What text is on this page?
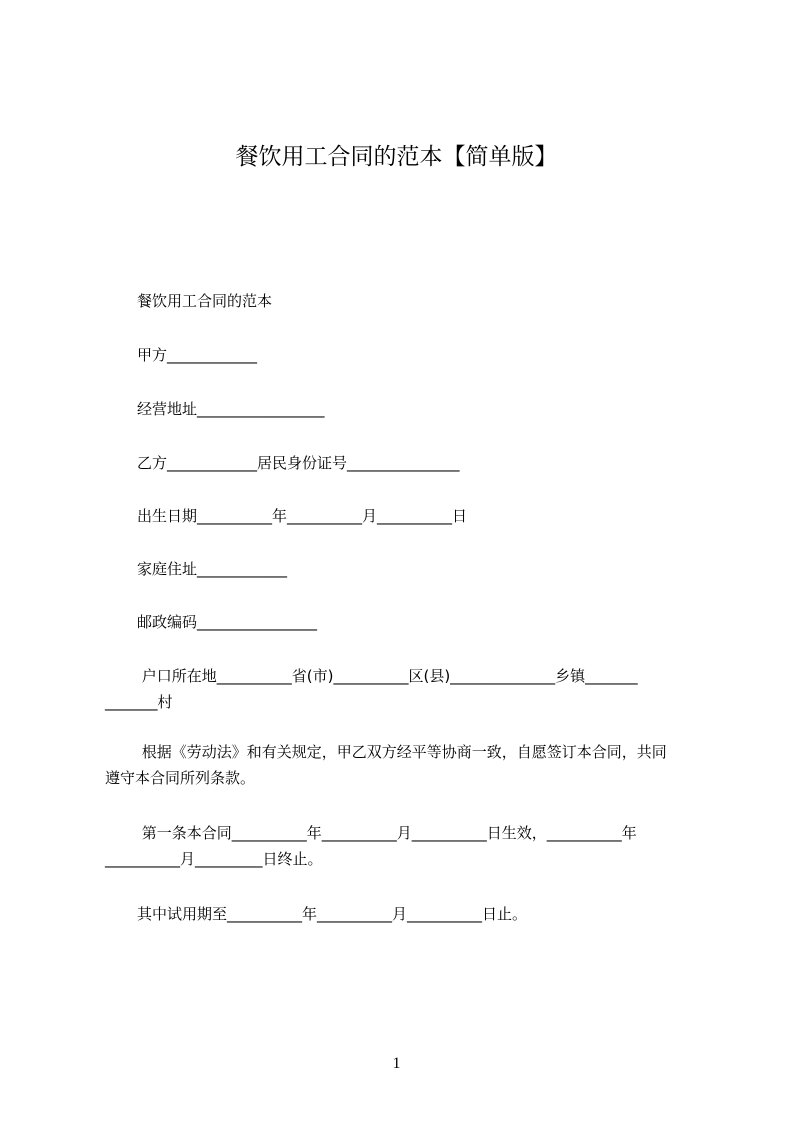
餐饮用工合同的范本【简单版】
餐饮用工合同的范本
甲方____________
经营地址_________________
乙方____________居民身份证号_______________
出生日期__________年__________月__________日
家庭住址____________
邮政编码________________
户口所在地__________省(市)__________区(县)______________乡镇_______
_______村
根据《劳动法》和有关规定，甲乙双方经平等协商一致，自愿签订本合同，共同
遵守本合同所列条款。
第一条本合同__________年__________月__________日生效，__________年
__________月_________日终止。
其中试用期至__________年__________月__________日止。
1
